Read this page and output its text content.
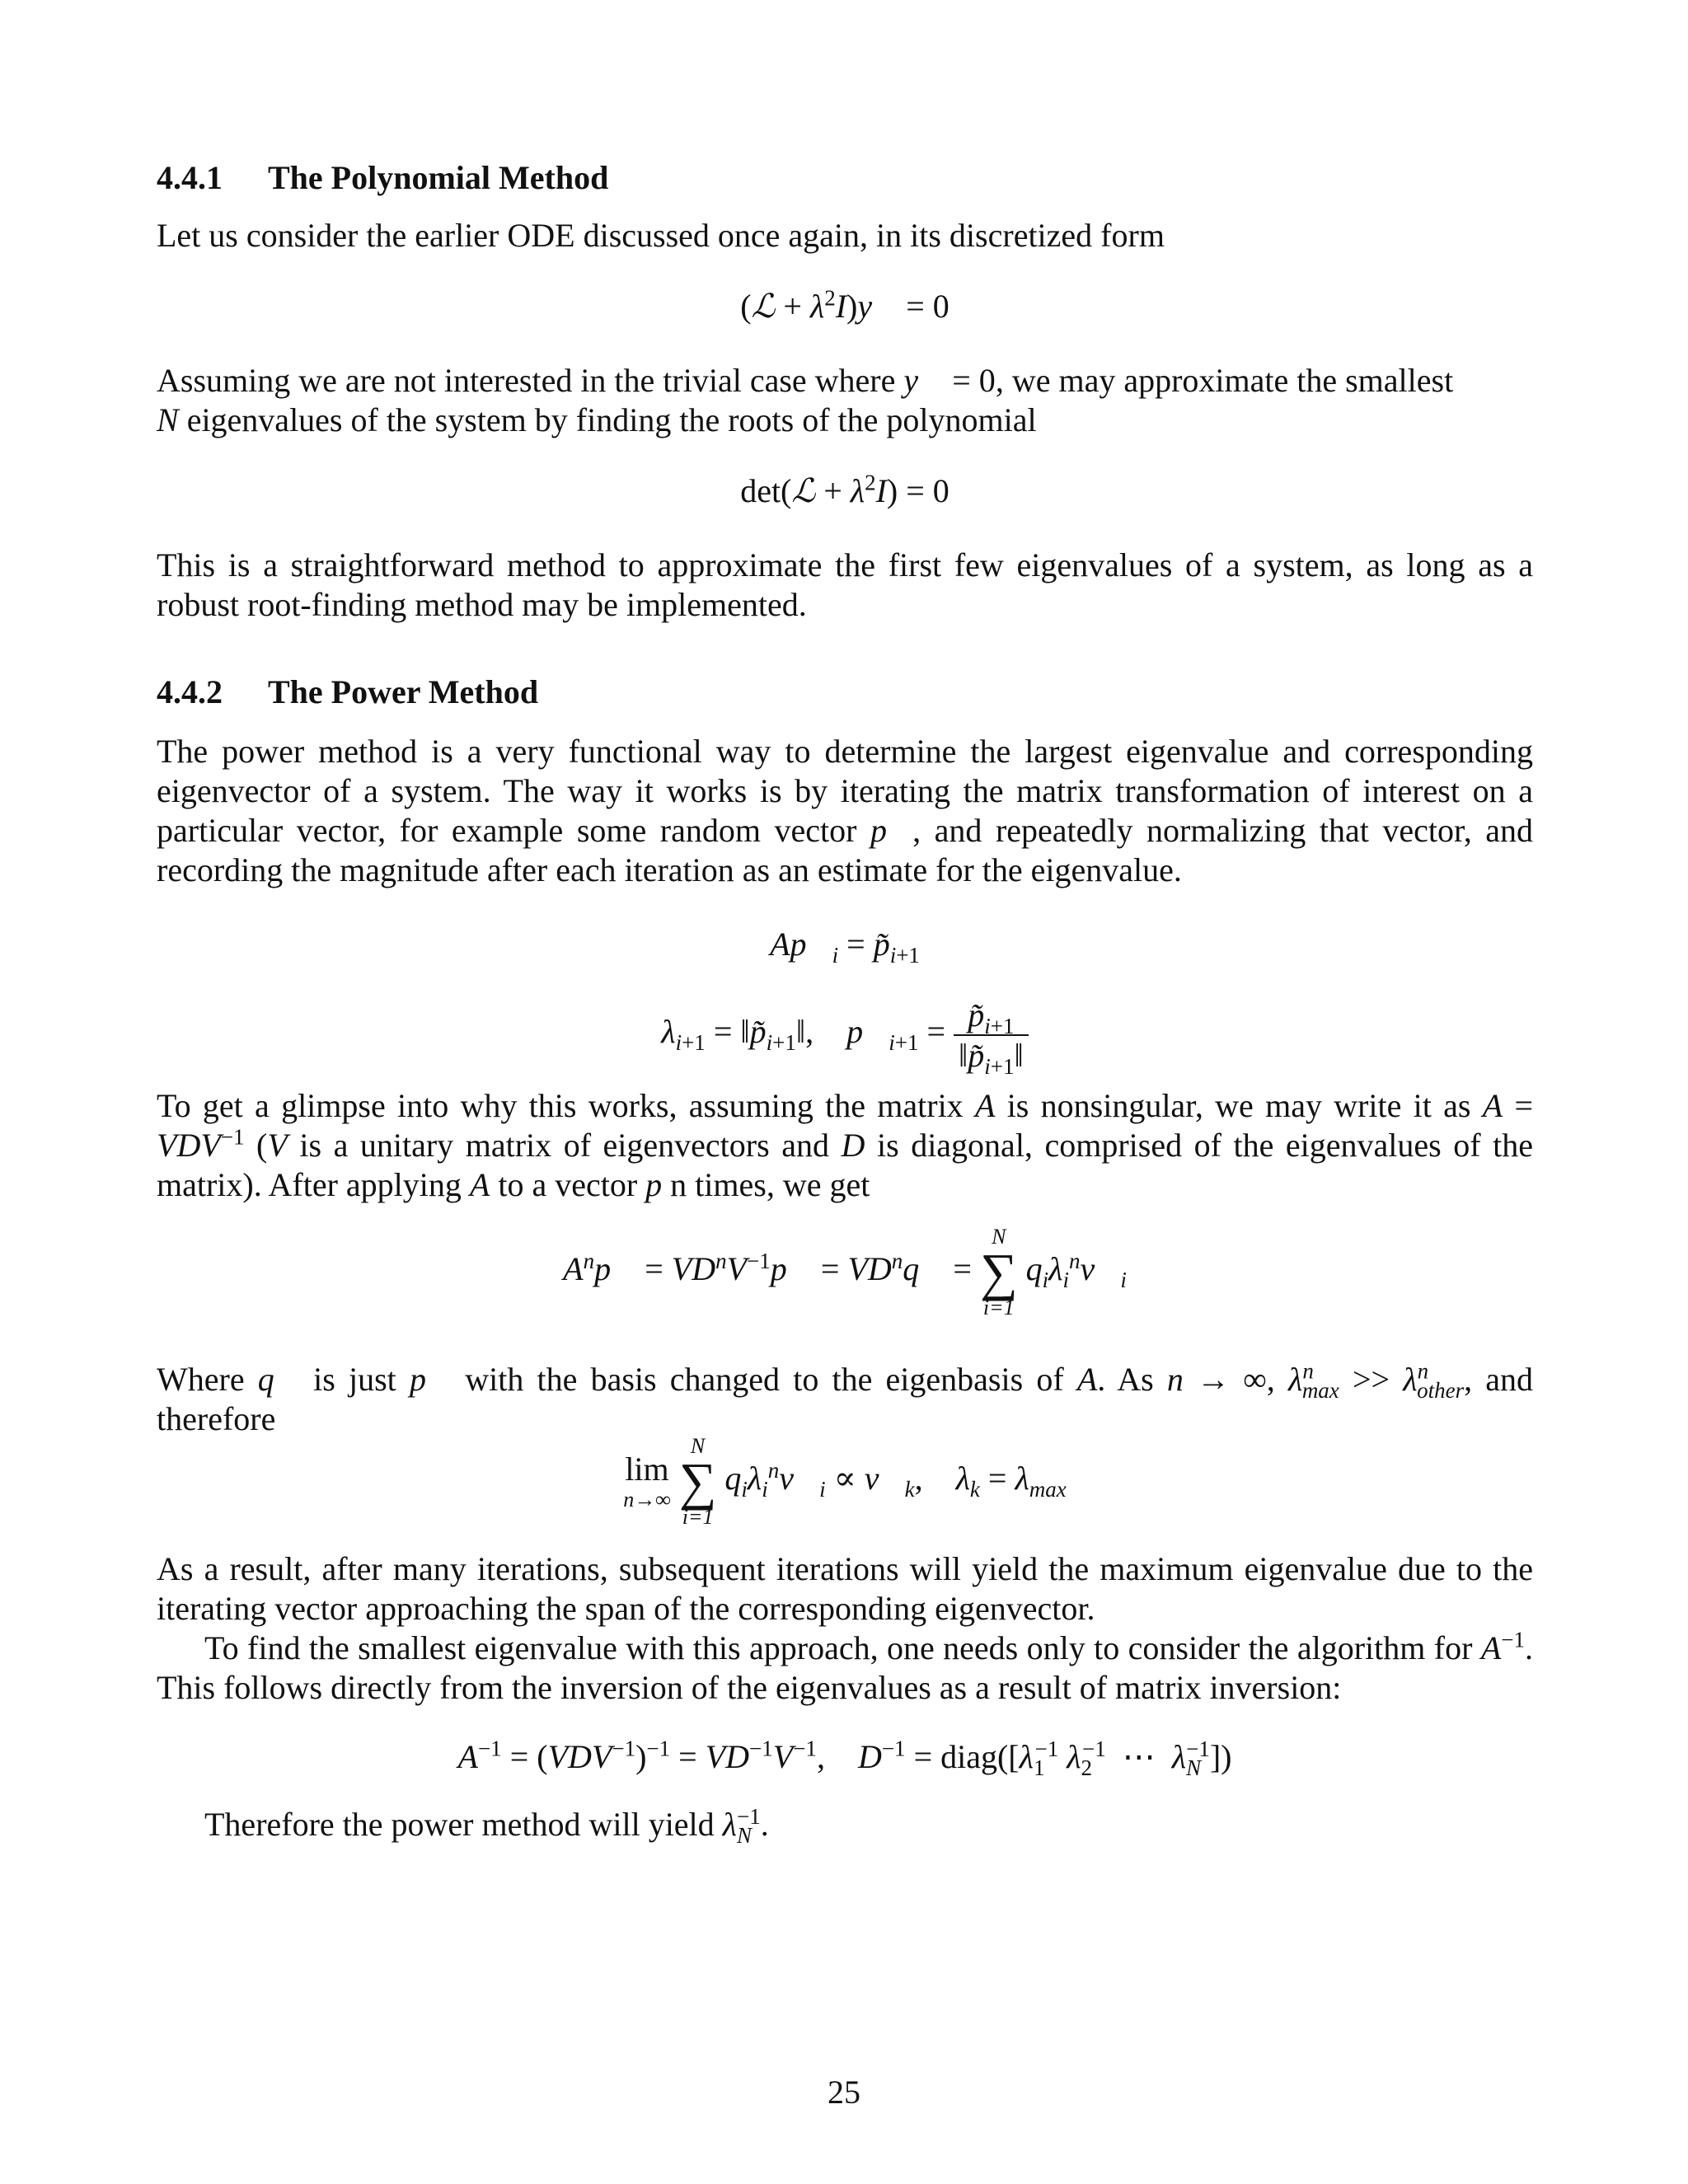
4.4.1 The Polynomial Method
Let us consider the earlier ODE discussed once again, in its discretized form
(ℒ + $\lambda^2I)y⃗ = 0$
Assuming we are not interested in the trivial case where y⃗ = 0, we may approximate the smallest
N eigenvalues of the system by finding the roots of the polynomial
det(ℒ + $\lambda^2I) = 0$
This is a straightforward method to approximate the first few eigenvalues of a system, as long as a robust root-finding method may be implemented.
4.4.2 The Power Method
The power method is a very functional way to determine the largest eigenvalue and corresponding eigenvector of a system. The way it works is by iterating the matrix transformation of interest on a particular vector, for example some random vector p⃗, and repeatedly normalizing that vector, and recording the magnitude after each iteration as an estimate for the eigenvalue.
$Ap⃗_i$ = $p̃_{i+1}$
$\lambda_{i+1}$ = $‖p̃_{i+1}‖$,    $p⃗_{i+1} = \frac{p̃_{i+1}}{‖p̃_{i+1}‖}$
To get a glimpse into why this works, assuming the matrix A is nonsingular, we may write it as $A = VDV^{-1}$ (V is a unitary matrix of eigenvectors and D is diagonal, comprised of the eigenvalues of the matrix). After applying A to a vector p n times, we get
$A^np⃗$ = $VD^nV^{-1}p⃗$ = $VD^nq⃗$ =
N
∑
i=1
$q_i\lambda_i^nv⃗_i$
Where q⃗ is just p⃗ with the basis changed to the eigenbasis of A. As n → ∞, $\lambda^n_{max} >> \lambda^n_{other}$, and therefore
lim
n→∞

N
∑
i=1
$q_i\lambda_i^nv⃗_i$ ∝ $v⃗_k$,    $\lambda_k = \lambda_{max}$
As a result, after many iterations, subsequent iterations will yield the maximum eigenvalue due to the iterating vector approaching the span of the corresponding eigenvector.
To find the smallest eigenvalue with this approach, one needs only to consider the algorithm for $A^{-1}$. This follows directly from the inversion of the eigenvalues as a result of matrix inversion:
$A^{-1} = (VDV^{-1})^{-1} = VD^{-1}V^{-1}$,    $D^{-1}$ = $diag([\lambda_1^{-1}$ $\lambda_2^{-1}$  ⋯  $\lambda_N^{-1}$])
Therefore the power method will yield $\lambda_N^{-1}$.
25
